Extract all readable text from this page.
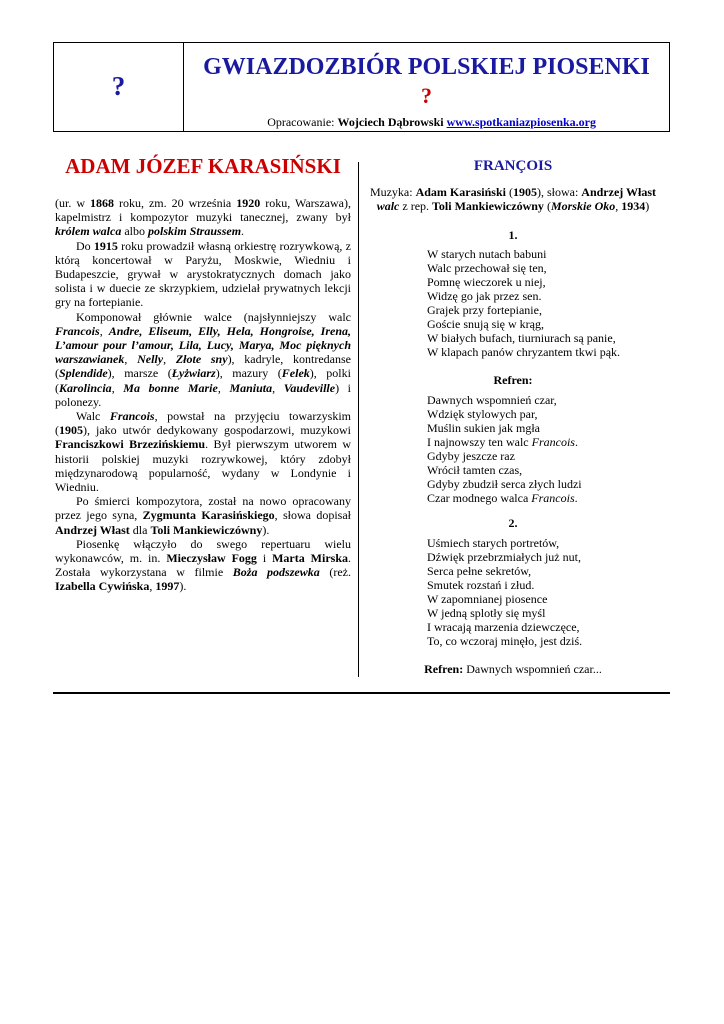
?
GWIAZDOZBIÓR POLSKIEJ PIOSENKI
?
Opracowanie: Wojciech Dąbrowski www.spotkaniazpiosenka.org
ADAM JÓZEF KARASIŃSKI

(ur. w 1868 roku, zm. 20 września 1920 roku, Warszawa), kapelmistrz i kompozytor muzyki tanecznej, zwany był królem walca albo polskim Straussem.

Do 1915 roku prowadził własną orkiestrę rozrywkową, z którą koncertował w Paryżu, Moskwie, Wiedniu i Budapeszcie, grywał w arystokratycznych domach jako solista i w duecie ze skrzypkiem, udzielał prywatnych lekcji gry na fortepianie.

Komponował głównie walce (najsłynniejszy walc Francois, Andre, Eliseum, Elly, Hela, Hongroise, Irena, L’amour pour l’amour, Lila, Lucy, Marya, Moc pięknych warszawianek, Nelly, Złote sny), kadryle, kontredanse (Splendide), marsze (Łyżwiarz), mazury (Felek), polki (Karolincia, Ma bonne Marie, Maniuta, Vaudeville) i polonezy.

Walc Francois, powstał na przyjęciu towarzyskim (1905), jako utwór dedykowany gospodarzowi, muzykowi Franciszkowi Brzezińskiemu. Był pierwszym utworem w historii polskiej muzyki rozrywkowej, który zdobył międzynarodową popularność, wydany w Londynie i Wiedniu.

Po śmierci kompozytora, został na nowo opracowany przez jego syna, Zygmunta Karasińskiego, słowa dopisał Andrzej Włast dla Toli Mankiewiczówny).

Piosenkę włączyło do swego repertuaru wielu wykonawców, m. in. Mieczysław Fogg i Marta Mirska. Została wykorzystana w filmie Boża podszewka (reż. Izabella Cywińska, 1997).

FRANÇOIS

Muzyka: Adam Karasiński (1905), słowa: Andrzej Włast
walc z rep. Toli Mankiewiczówny (Morskie Oko, 1934)

1.

W starych nutach babuni
Walc przechował się ten,
Pomnę wieczorek u niej,
Widzę go jak przez sen.
Grajek przy fortepianie,
Goście snują się w krąg,
W białych bufach, tiurniurach są panie,
W klapach panów chryzantem tkwi pąk.

Refren:

Dawnych wspomnień czar,
Wdzięk stylowych par,
Muślin sukien jak mgła
I najnowszy ten walc Francois.
Gdyby jeszcze raz
Wrócił tamten czas,
Gdyby zbudził serca złych ludzi
Czar modnego walca Francois.

2.

Uśmiech starych portretów,
Dźwięk przebrzmiałych już nut,
Serca pełne sekretów,
Smutek rozstań i złud.
W zapomnianej piosence
W jedną splotły się myśl
I wracają marzenia dziewczęce,
To, co wczoraj minęło, jest dziś.

Refren: Dawnych wspomnień czar...
